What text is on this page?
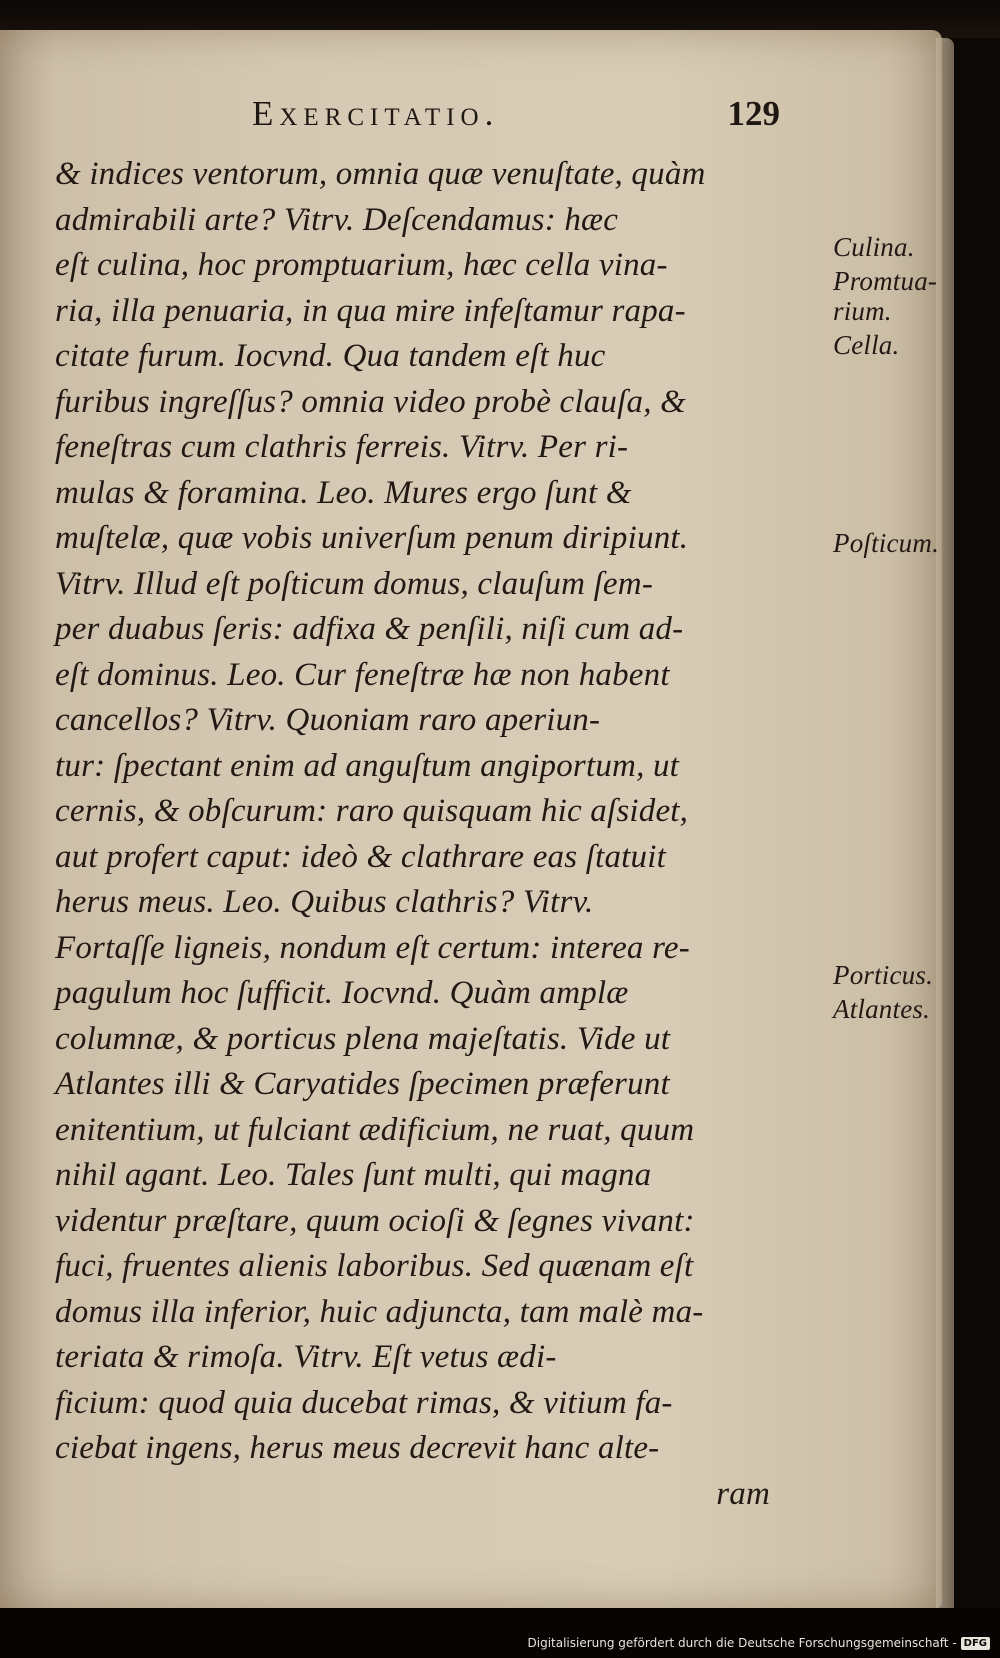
Exercitatio.	129
& indices ventorum, omnia quæ venuſtate, quàm
admirabili arte? Vitrv. Deſcendamus: hæc
eſt culina, hoc promptuarium, hæc cella vina-
ria, illa penuaria, in qua mire infeſtamur rapa-
citate furum. Iocvnd. Qua tandem eſt huc
furibus ingreſſus? omnia video probè clauſa, &
feneſtras cum clathris ferreis. Vitrv. Per ri-
mulas & foramina. Leo. Mures ergo ſunt &
muſtelæ, quæ vobis univerſum penum diripiunt.
Vitrv. Illud eſt poſticum domus, clauſum ſem-
per duabus ſeris: adfixa & penſili, niſi cum ad-
eſt dominus. Leo. Cur feneſtræ hæ non habent
cancellos? Vitrv. Quoniam raro aperiun-
tur: ſpectant enim ad anguſtum angiportum, ut
cernis, & obſcurum: raro quisquam hic aſsidet,
aut profert caput: ideò & clathrare eas ſtatuit
herus meus. Leo. Quibus clathris? Vitrv.
Fortaſſe ligneis, nondum eſt certum: interea re-
pagulum hoc ſufficit. Iocvnd. Quàm amplæ
columnæ, & porticus plena majeſtatis. Vide ut
Atlantes illi & Caryatides ſpecimen præferunt
enitentium, ut fulciant ædificium, ne ruat, quum
nihil agant. Leo. Tales ſunt multi, qui magna
videntur præſtare, quum ocioſi & ſegnes vivant:
fuci, fruentes alienis laboribus. Sed quænam eſt
domus illa inferior, huic adjuncta, tam malè ma-
teriata & rimoſa. Vitrv. Eſt vetus ædi-
ficium: quod quia ducebat rimas, & vitium fa-
ciebat ingens, herus meus decrevit hanc alte-
ram
Culina.
Promtua-
rium.
Cella.
Poſticum.
Porticus.
Atlantes.
Digitalisierung gefördert durch die Deutsche Forschungsgemeinschaft - DFG
